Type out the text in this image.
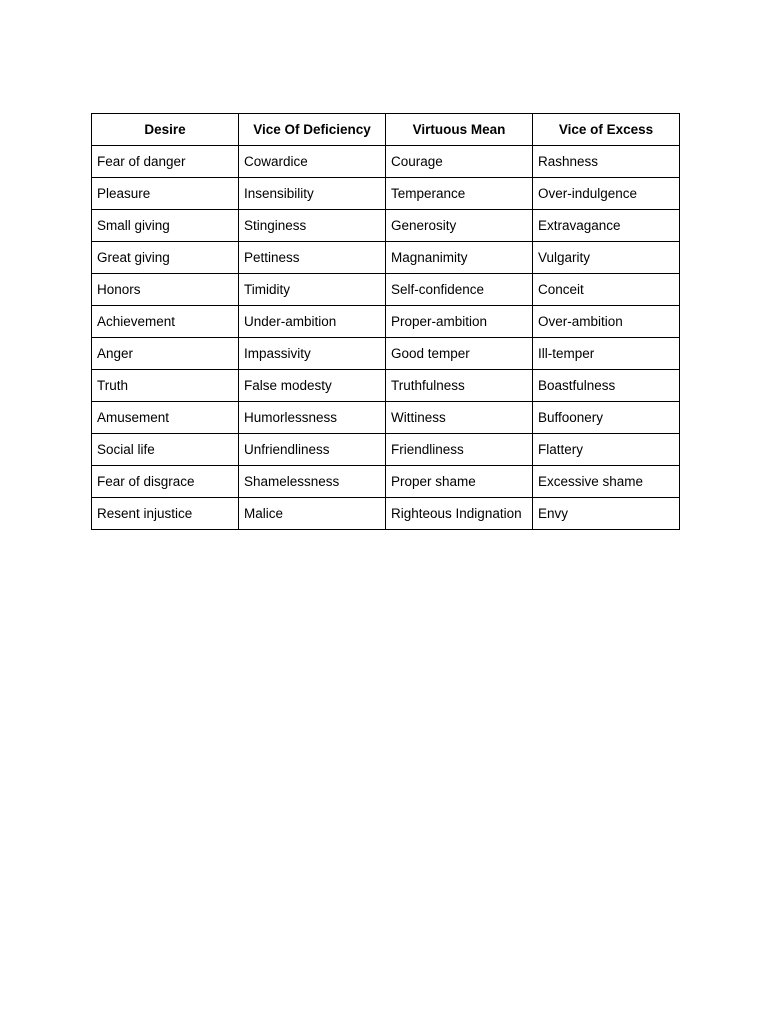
Desire	Vice Of Deficiency	Virtuous Mean	Vice of Excess
Fear of danger	Cowardice	Courage	Rashness
Pleasure	Insensibility	Temperance	Over-indulgence
Small giving	Stinginess	Generosity	Extravagance
Great giving	Pettiness	Magnanimity	Vulgarity
Honors	Timidity	Self-confidence	Conceit
Achievement	Under-ambition	Proper-ambition	Over-ambition
Anger	Impassivity	Good temper	Ill-temper
Truth	False modesty	Truthfulness	Boastfulness
Amusement	Humorlessness	Wittiness	Buffoonery
Social life	Unfriendliness	Friendliness	Flattery
Fear of disgrace	Shamelessness	Proper shame	Excessive shame
Resent injustice	Malice	Righteous Indignation	Envy
